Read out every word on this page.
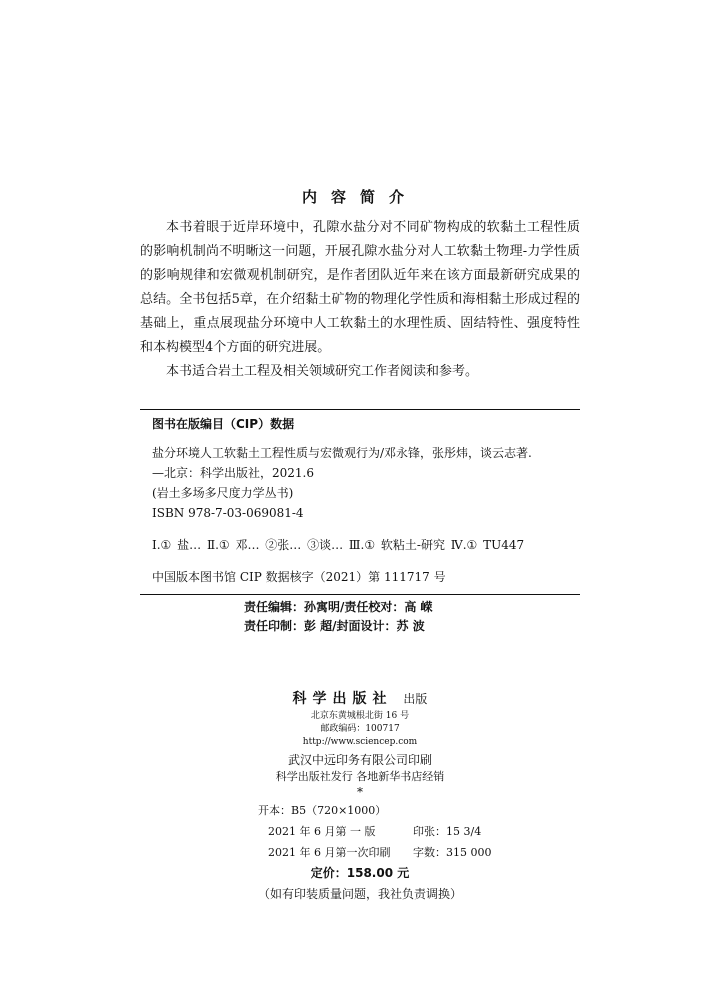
内容简介

本书着眼于近岸环境中，孔隙水盐分对不同矿物构成的软黏土工程性质的影响机制尚不明晰这一问题，开展孔隙水盐分对人工软黏土物理-力学性质的影响规律和宏微观机制研究，是作者团队近年来在该方面最新研究成果的总结。全书包括5章，在介绍黏土矿物的物理化学性质和海相黏土形成过程的基础上，重点展现盐分环境中人工软黏土的水理性质、固结特性、强度特性和本构模型4个方面的研究进展。

本书适合岩土工程及相关领域研究工作者阅读和参考。

图书在版编目（CIP）数据
盐分环境人工软黏土工程性质与宏微观行为/邓永锋，张彤炜，谈云志著.
—北京：科学出版社，2021.6
(岩土多场多尺度力学丛书)
ISBN 978-7-03-069081-4
Ⅰ.① 盐… Ⅱ.① 邓… ②张… ③谈… Ⅲ.① 软粘土-研究 Ⅳ.① TU447
中国版本图书馆 CIP 数据核字（2021）第 111717 号
责任编辑：孙寓明/责任校对：高 嵘
责任印制：彭 超/封面设计：苏 波
科学出版社 出版
北京东黄城根北街 16 号
邮政编码：100717
http://www.sciencep.com
武汉中远印务有限公司印刷
科学出版社发行 各地新华书店经销
*
开本：B5（720×1000）
2021 年 6 月第 一 版	印张：15 3/4
2021 年 6 月第一次印刷 字数：315 000
定价：158.00 元
（如有印装质量问题，我社负责调换）
